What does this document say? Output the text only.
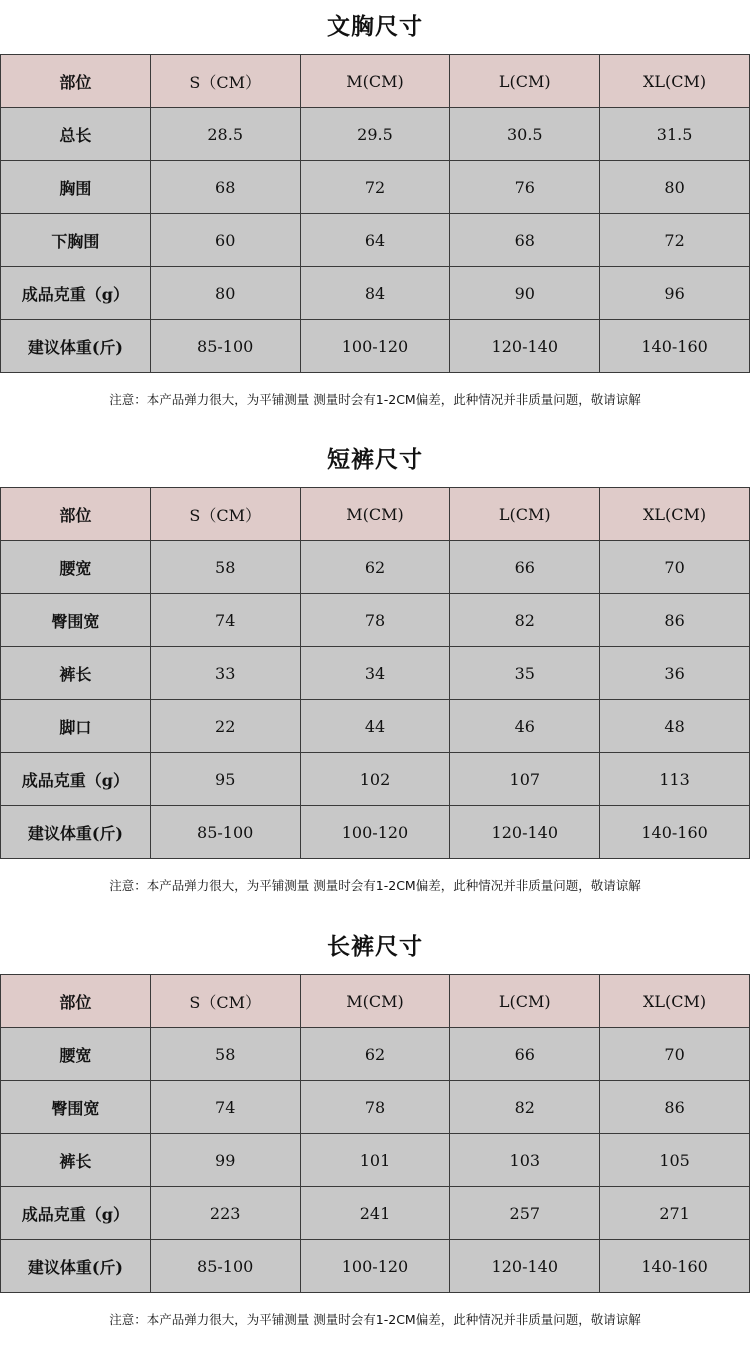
文胸尺寸
部位	S（CM）	M(CM)	L(CM)	XL(CM)
总长	28.5	29.5	30.5	31.5
胸围	68	72	76	80
下胸围	60	64	68	72
成品克重（g）	80	84	90	96
建议体重(斤)	85-100	100-120	120-140	140-160
注意：本产品弹力很大，为平铺测量 测量时会有1-2CM偏差，此种情况并非质量问题，敬请谅解
短裤尺寸
部位	S（CM）	M(CM)	L(CM)	XL(CM)
腰宽	58	62	66	70
臀围宽	74	78	82	86
裤长	33	34	35	36
脚口	22	44	46	48
成品克重（g）	95	102	107	113
建议体重(斤)	85-100	100-120	120-140	140-160
注意：本产品弹力很大，为平铺测量 测量时会有1-2CM偏差，此种情况并非质量问题，敬请谅解
长裤尺寸
部位	S（CM）	M(CM)	L(CM)	XL(CM)
腰宽	58	62	66	70
臀围宽	74	78	82	86
裤长	99	101	103	105
成品克重（g）	223	241	257	271
建议体重(斤)	85-100	100-120	120-140	140-160
注意：本产品弹力很大，为平铺测量 测量时会有1-2CM偏差，此种情况并非质量问题，敬请谅解
